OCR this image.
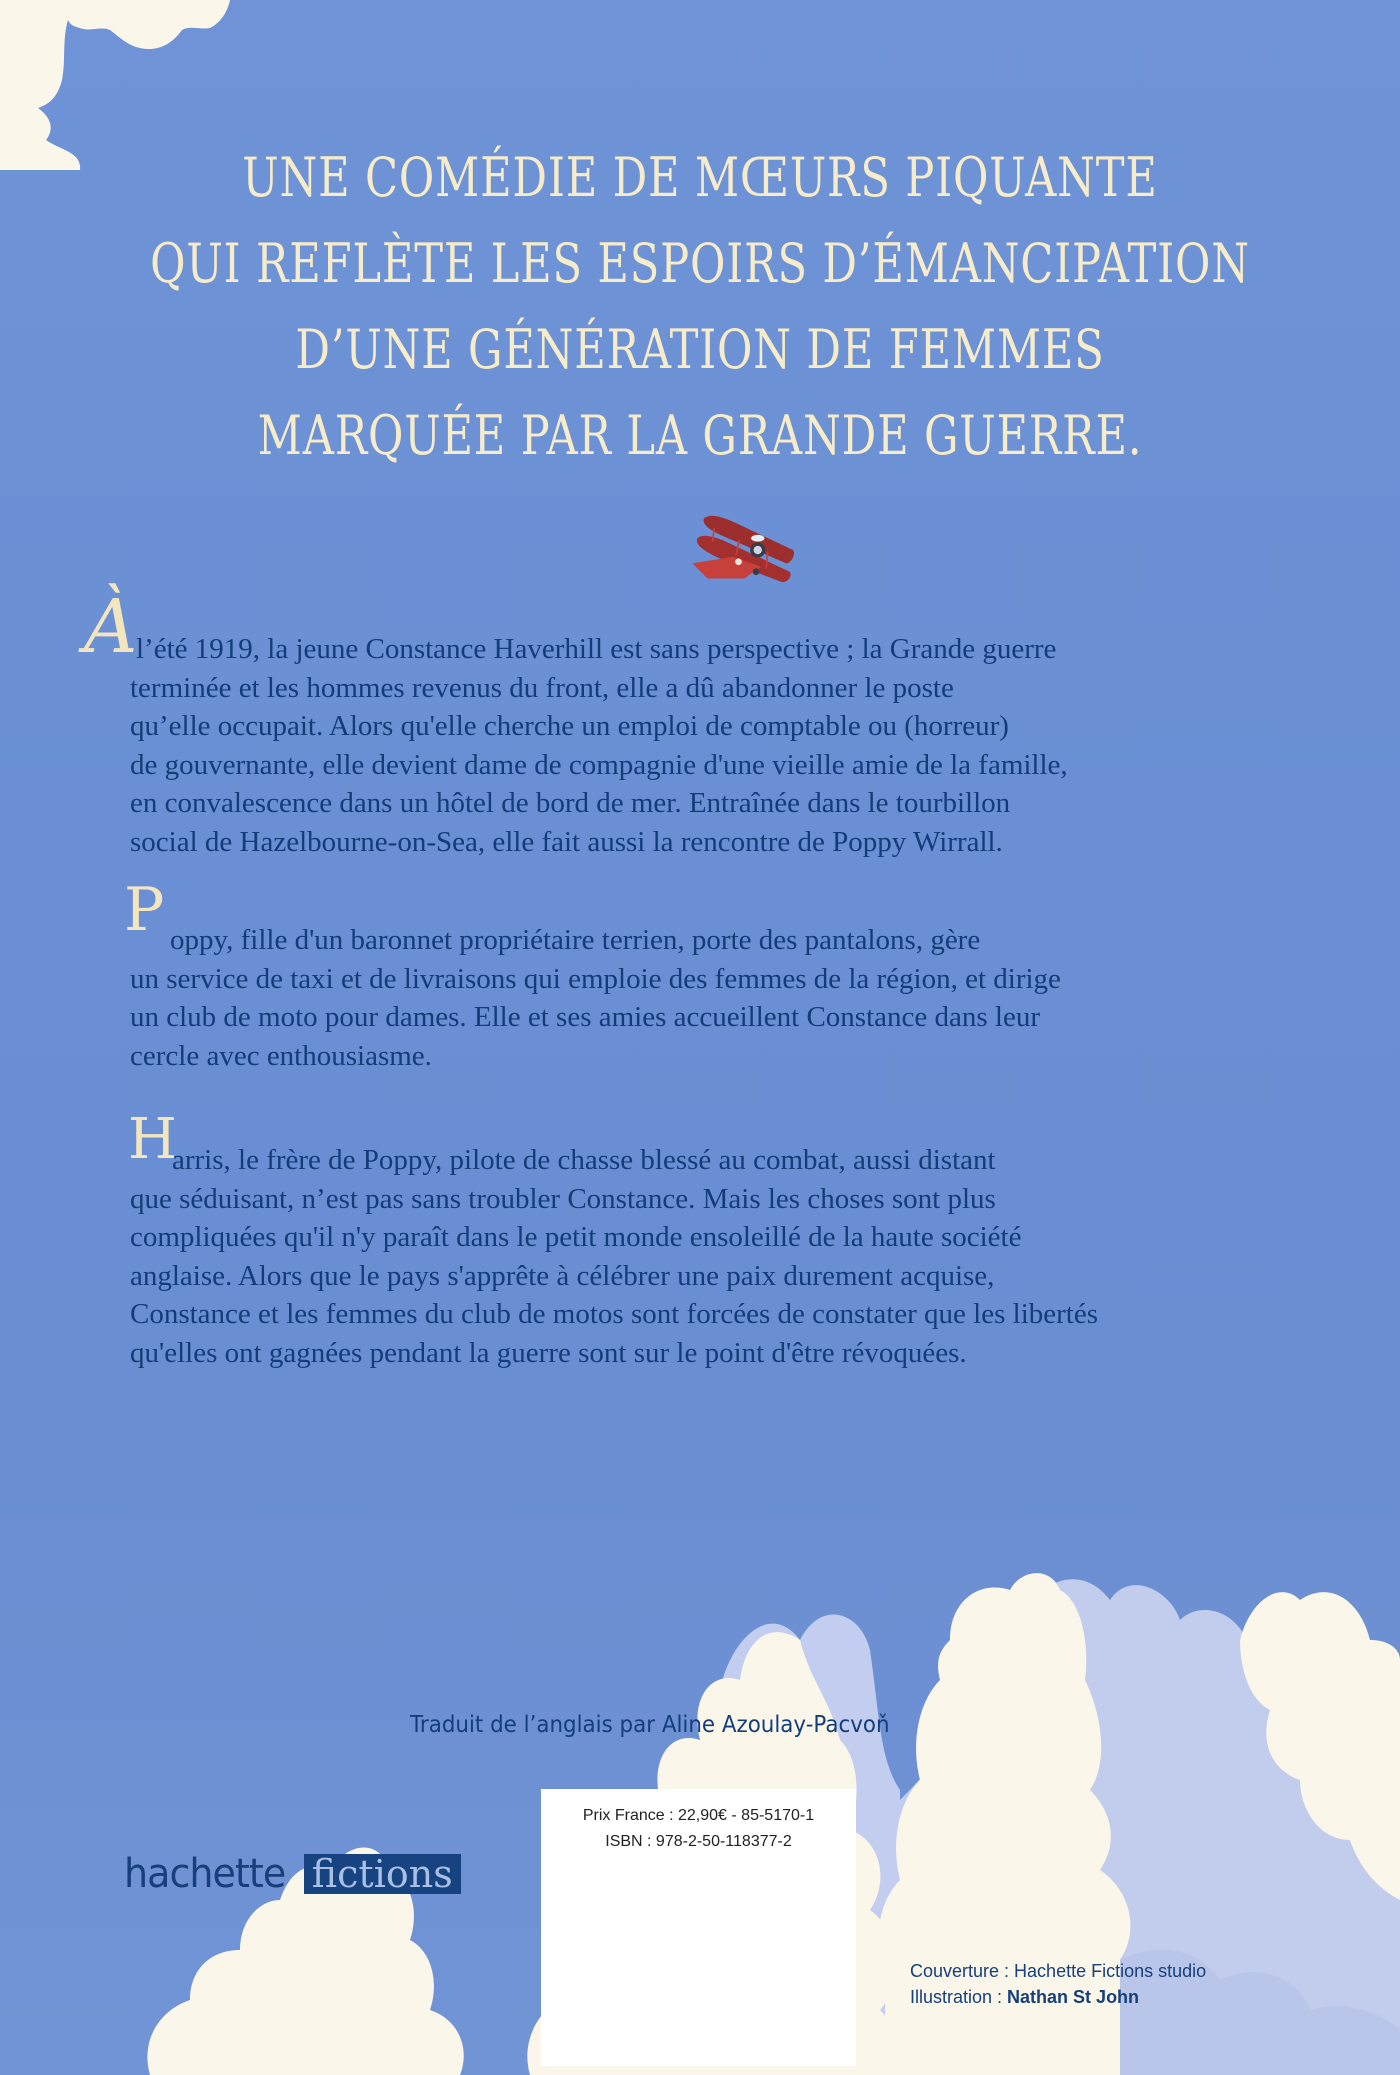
UNE COMÉDIE DE MŒURS PIQUANTE
QUI REFLÈTE LES ESPOIRS D’ÉMANCIPATION
D’UNE GÉNÉRATION DE FEMMES
MARQUÉE PAR LA GRANDE GUERRE.
À
l’été 1919, la jeune Constance Haverhill est sans perspective ; la Grande guerre
terminée et les hommes revenus du front, elle a dû abandonner le poste
qu’elle occupait. Alors qu'elle cherche un emploi de comptable ou (horreur)
de gouvernante, elle devient dame de compagnie d'une vieille amie de la famille,
en convalescence dans un hôtel de bord de mer. Entraînée dans le tourbillon
social de Hazelbourne-on-Sea, elle fait aussi la rencontre de Poppy Wirrall.
P oppy, fille d'un baronnet propriétaire terrien, porte des pantalons, gère
un service de taxi et de livraisons qui emploie des femmes de la région, et dirige
un club de moto pour dames. Elle et ses amies accueillent Constance dans leur
cercle avec enthousiasme.
H
arris, le frère de Poppy, pilote de chasse blessé au combat, aussi distant
que séduisant, n’est pas sans troubler Constance. Mais les choses sont plus
compliquées qu'il n'y paraît dans le petit monde ensoleillé de la haute société
anglaise. Alors que le pays s'apprête à célébrer une paix durement acquise,
Constance et les femmes du club de motos sont forcées de constater que les libertés
qu'elles ont gagnées pendant la guerre sont sur le point d'être révoquées.
Traduit de l’anglais par Aline Azoulay-Pacvoň
hachette fictions
Prix France : 22,90€ - 85-5170-1
ISBN : 978-2-50-118377-2
Couverture : Hachette Fictions studio
Illustration : Nathan St John
